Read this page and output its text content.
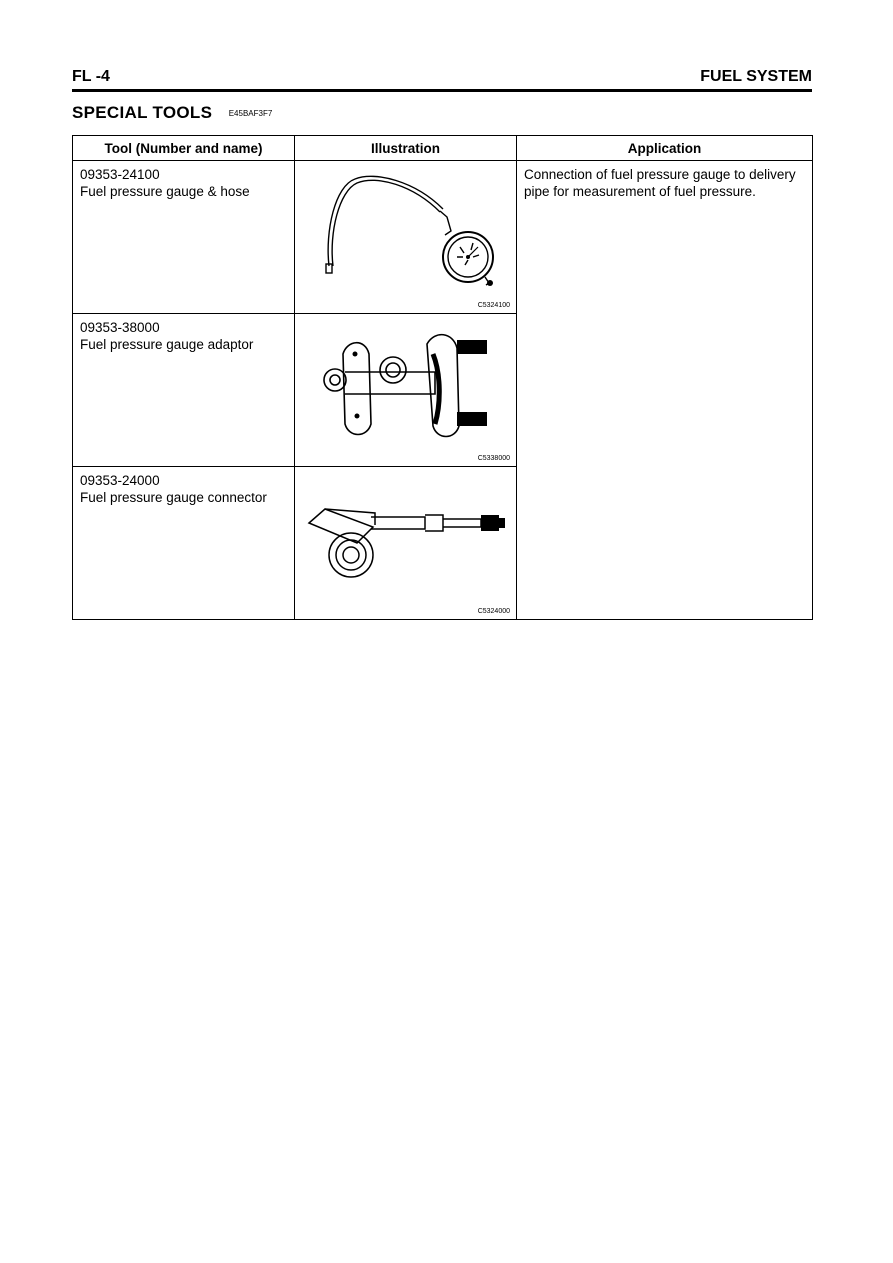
FL -4	FUEL SYSTEM
SPECIAL TOOLS E45BAF3F7
Tool (Number and name)	Illustration	Application

09353-24100
Fuel pressure gauge & hose	C5324100	Connection of fuel pressure gauge to delivery pipe for measurement of fuel pressure.

09353-38000
Fuel pressure gauge adaptor	C5338000	

09353-24000
Fuel pressure gauge connector	C5324000	
